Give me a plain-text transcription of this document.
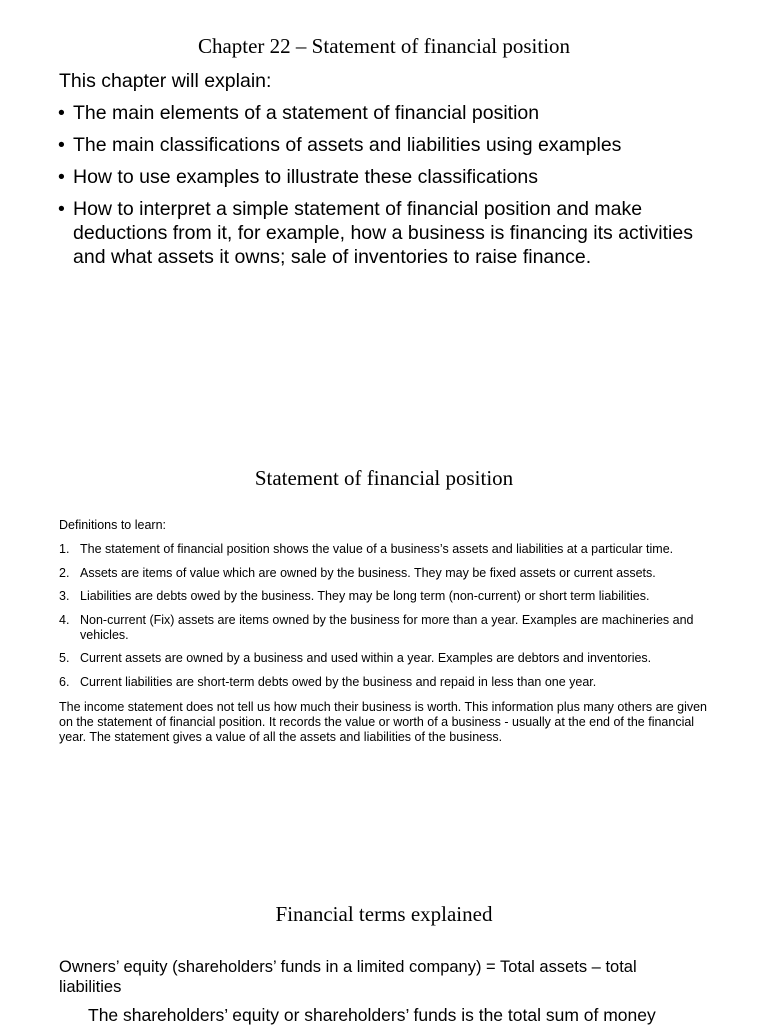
Chapter 22 – Statement of financial position
This chapter will explain:
• The main elements of a statement of financial position
• The main classifications of assets and liabilities using examples
• How to use examples to illustrate these classifications
• How to interpret a simple statement of financial position and make deductions from it, for example, how a business is financing its activities and what assets it owns; sale of inventories to raise finance.
Statement of financial position
Definitions to learn:
1. The statement of financial position shows the value of a business’s assets and liabilities at a particular time.
2. Assets are items of value which are owned by the business. They may be fixed assets or current assets.
3. Liabilities are debts owed by the business. They may be long term (non-current) or short term liabilities.
4. Non-current (Fix) assets are items owned by the business for more than a year. Examples are machineries and vehicles.
5. Current assets are owned by a business and used within a year. Examples are debtors and inventories.
6. Current liabilities are short-term debts owed by the business and repaid in less than one year.
The income statement does not tell us how much their business is worth. This information plus many others are given on the statement of financial position. It records the value or worth of a business - usually at the end of the financial year. The statement gives a value of all the assets and liabilities of the business.
Financial terms explained
Owners’ equity (shareholders’ funds in a limited company) = Total assets – total liabilities
The shareholders’ equity or shareholders’ funds is the total sum of money
